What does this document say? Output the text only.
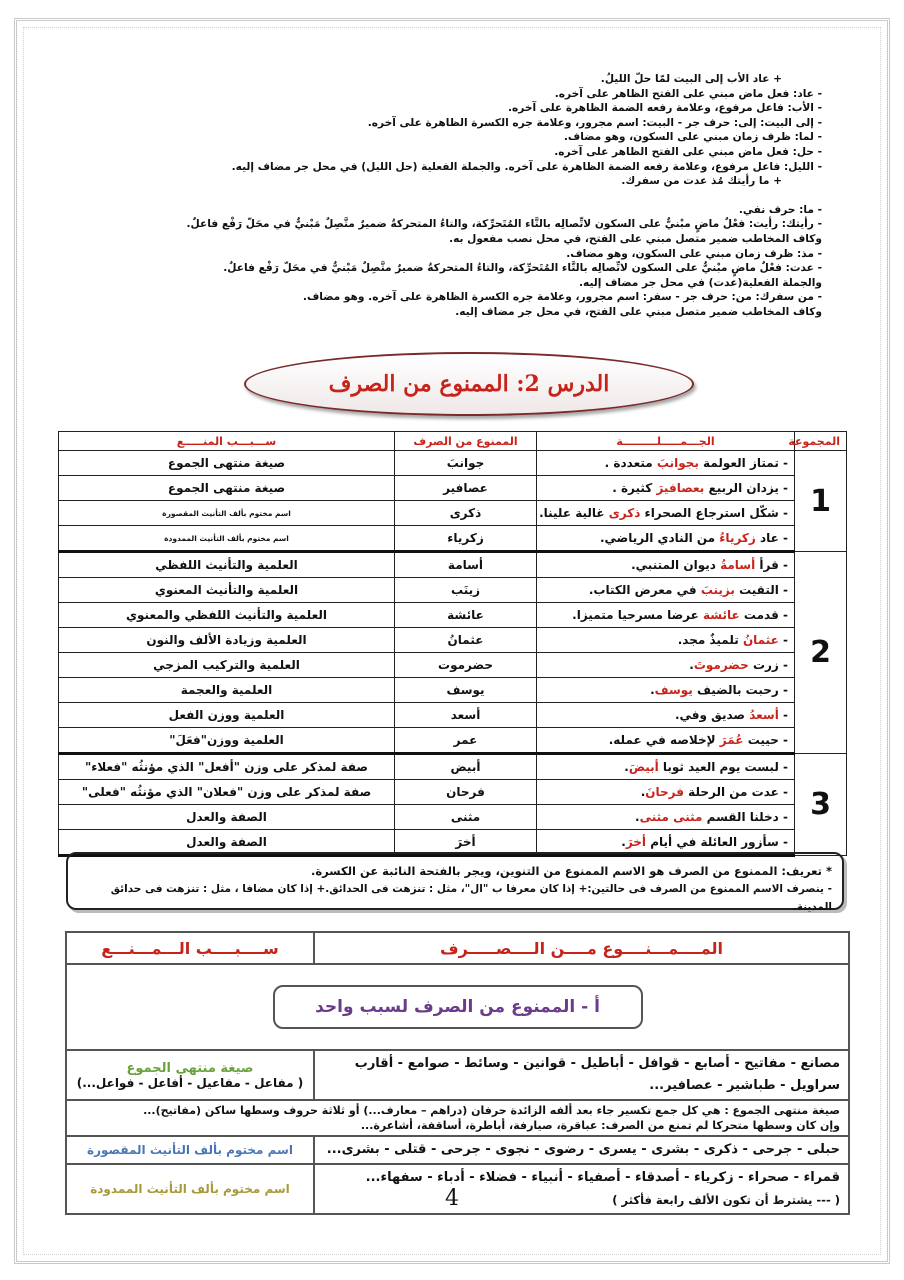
+ عاد الأب إلى البيت لمّا حلّ الليلُ.
- عاد: فعل ماض مبني على الفتح الظاهر على آخره.
- الأب: فاعل مرفوع، وعلامة رفعه الضمة الظاهرة على آخره.
- إلى البيت: إلى: حرف جر - البيت: اسم مجرور، وعلامة جره الكسرة الظاهرة على آخره.
- لما: ظرف زمان مبني على السكون، وهو مضاف.
- حل: فعل ماض مبني على الفتح الظاهر على آخره.
- الليل: فاعل مرفوع، وعلامة رفعه الضمة الظاهرة على آخره. والجملة الفعلية (حل الليل) في محل جر مضاف إليه.
+ ما رأيتك مُذ عدت من سفرك.
- ما: حرف نفي.
- رأيتك: رأيت: فعْلٌ ماضٍ مبْنيٌّ على السكون لاتِّصالِه بالتَّاء المُتَحرِّكة، والتاءُ المتحركةُ ضميرٌ متَّصِلٌ مَبْنيٌّ في محَلّ رَفْع فاعلٌ.
وكاف المخاطب ضمير متصل مبني على الفتح، في محل نصب مفعول به.
- مذ: ظرف زمان مبني على السكون، وهو مضاف.
- عدت: فعْلٌ ماضٍ مبْنيٌّ على السكون لاتِّصالِه بالتَّاء المُتَحرِّكة، والتاءُ المتحركةُ ضميرٌ متَّصِلٌ مَبْنيٌّ في محَلّ رَفْع فاعلٌ.
والجملة الفعلية(عدت) في محل جر مضاف إليه.
- من سفرك: من: حرف جر - سفر: اسم مجرور، وعلامة جره الكسرة الظاهرة على آخره. وهو مضاف.
وكاف المخاطب ضمير متصل مبني على الفتح، في محل جر مضاف إليه.
الدرس 2: الممنوع من الصرف
المجموعة	الجـــمـــــلـــــــــة	الممنوع من الصرف	ســـبـــب المنـــــع
1	- تمتاز العولمة بجوانبَ متعددة .	جوانبَ	صيغة منتهى الجموع
	- يزدان الربيع بعصافيرَ كثيرة .	عصافير	صيغة منتهى الجموع
	- شكّل استرجاع الصحراء ذكرى غالية علينا.	ذكرى	اسم مختوم بألف التأنيث المقصورة
	- عاد زكرياءُ من النادي الرياضي.	زكرياء	اسم مختوم بألف التأنيث الممدودة
2	- قرأ أسامةُ ديوان المتنبي.	أسامة	العلمية والتأنيث اللفظي
	- التقيت بزينبَ في معرض الكتاب.	زينَب	العلمية والتأنيث المعنوي
	- قدمت عائشة عرضا مسرحيا متميزا.	عائشة	العلمية والتأنيث اللفظي والمعنوي
	- عثمانُ تلميذٌ مجد.	عثمانُ	العلمية وزيادة الألف والنون
	- زرت حضرموتَ.	حضرموت	العلمية والتركيب المزجي
	- رحبت بالضيف يوسف.	يوسف	العلمية والعجمة
	- أسعدُ صديق وفي.	أسعد	العلمية ووزن الفعل
	- حييت عُمَرَ لإخلاصه في عمله.	عمر	العلمية ووزن"فعَلَ"
3	- لبست يوم العيد ثوبا أبيضَ.	أبيض	صفة لمذكر على وزن "أفعل" الذي مؤنثُه "فعلاء"
	- عدت من الرحلة فرحانَ.	فرحان	صفة لمذكر على وزن "فعلان" الذي مؤنثُه "فعلى"
	- دخلنا القسم مثنى مثنى.	مثنى	الصفة والعدل
	- سأزور العائلة في أيام أخرَ.	أخرَ	الصفة والعدل
* تعريف: الممنوع من الصرف هو الاسم الممنوع من التنوين، ويجر بالفتحة النائبة عن الكسرة.
- ينصرف الاسم الممنوع من الصرف فى حالتين:+ إذا كان معرفا ب "ال"، مثل : تنزهت فى الحدائق.+ إذا كان مضافا ، مثل : تنزهت فى حدائق المدينة.
المــــمـــنــــوع مــــن الــــصـــــرف	ســــبــــب الـــمـــنـــع

أ - الممنوع من الصرف لسبب واحد	

مصانع - مفاتيح - أصابع - قوافل - أباطيل - قوانين - وسائط - صوامع - أقارب سراويل - طباشير - عصافير...	صيغة منتهى الجموع
( مفاعل - مفاعيل - أفاعل - فواعل...)

صيغة منتهى الجموع : هي كل جمع تكسير جاء بعد ألفه الزائدة حرفان (دراهم – معارف...) أو ثلاثة حروف وسطها ساكن (مفاتيح)...
وإن كان وسطها متحركا لم تمنع من الصرف: عباقرة، صيارفة، أباطرة، أساقفة، أشاعرة...	

حبلى - جرحى - ذكرى - بشرى - يسرى - رضوى - نجوى - جرحى - قتلى - بشرى...	اسم مختوم بألف التأنيث المقصورة

قمراء - صحراء - زكرياء - أصدقاء - أصفياء - أنبياء - فضلاء - أدباء - سفهاء...
( --- يشترط أن تكون الألف رابعة فأكثر )	اسم مختوم بألف التأنيث الممدودة	4
